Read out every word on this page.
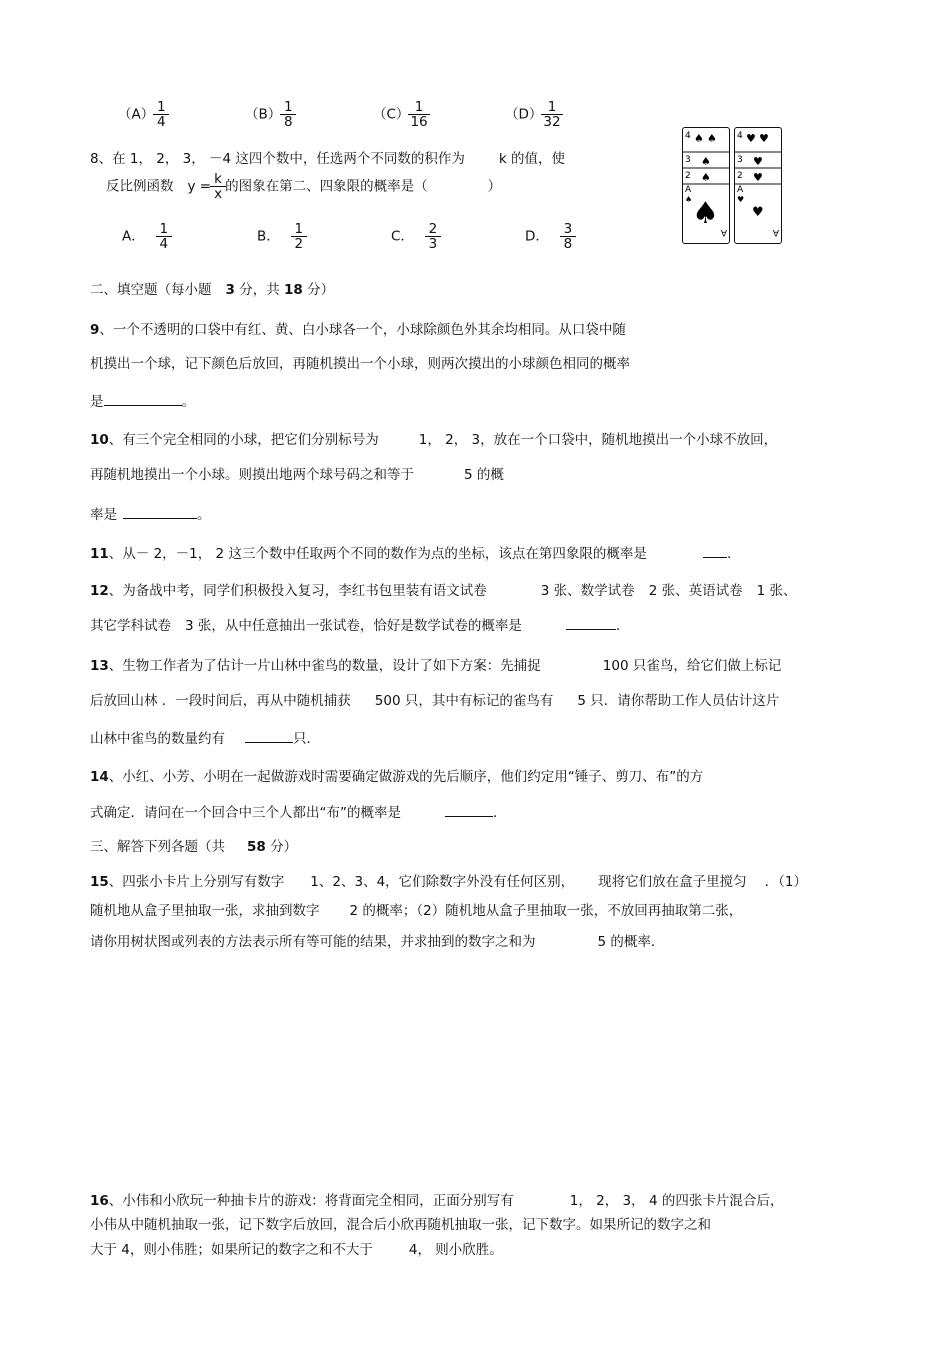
$(A) \frac{1}{4}$	$(B) \frac{1}{8}$	$(C) \frac{1}{16}$	$(D) \frac{1}{32}$
8、在 1， 2， 3， －4 这四个数中，任选两个不同数的积作为	k 的值，使
反比例函数 $y = \frac{k}{x}$ 的图象在第二、四象限的概率是（	）
A． $\frac{1}{4}$	B． $\frac{1}{2}$	C． $\frac{2}{3}$	D． $\frac{3}{8}$
4 ♠ ♠
3 ♠
2 ♠
A
♠ ♠
A
4 ♥ ♥
3 ♥
2 ♥
A
♥
♥
A
二、填空题（每小题 3 分，共 18 分）
9、一个不透明的口袋中有红、黄、白小球各一个，小球除颜色外其余均相同。从口袋中随
机摸出一个球，记下颜色后放回，再随机摸出一个小球，则两次摸出的小球颜色相同的概率
是	。
10、有三个完全相同的小球，把它们分别标号为	1， 2， 3，放在一个口袋中，随机地摸出一个小球不放回，
再随机地摸出一个小球。则摸出地两个球号码之和等于	5 的概
率是	。
11、从－ 2，－1， 2 这三个数中任取两个不同的数作为点的坐标，该点在第四象限的概率是	.
12、为备战中考，同学们积极投入复习，李红书包里装有语文试卷	3 张、数学试卷 2 张、英语试卷 1 张、
其它学科试卷 3 张，从中任意抽出一张试卷，恰好是数学试卷的概率是	.
13、生物工作者为了估计一片山林中雀鸟的数量，设计了如下方案：先捕捉	100 只雀鸟，给它们做上标记
后放回山林 ．一段时间后，再从中随机捕获 500 只，其中有标记的雀鸟有 5 只．请你帮助工作人员估计这片
山林中雀鸟的数量约有	只．
14、小红、小芳、小明在一起做游戏时需要确定做游戏的先后顺序，他们约定用“锤子、剪刀、布”的方
式确定．请问在一个回合中三个人都出“布”的概率是	.
三、解答下列各题（共 58 分）
15、四张小卡片上分别写有数字 1、2、3、4，它们除数字外没有任何区别， 现将它们放在盒子里搅匀 ．（1）
随机地从盒子里抽取一张，求抽到数字 2 的概率；（2）随机地从盒子里抽取一张，不放回再抽取第二张，
请你用树状图或列表的方法表示所有等可能的结果，并求抽到的数字之和为	5 的概率．
16、小伟和小欣玩一种抽卡片的游戏：将背面完全相同，正面分别写有	1， 2， 3， 4 的四张卡片混合后，
小伟从中随机抽取一张，记下数字后放回，混合后小欣再随机抽取一张，记下数字。如果所记的数字之和
大于 4，则小伟胜；如果所记的数字之和不大于	4， 则小欣胜。
